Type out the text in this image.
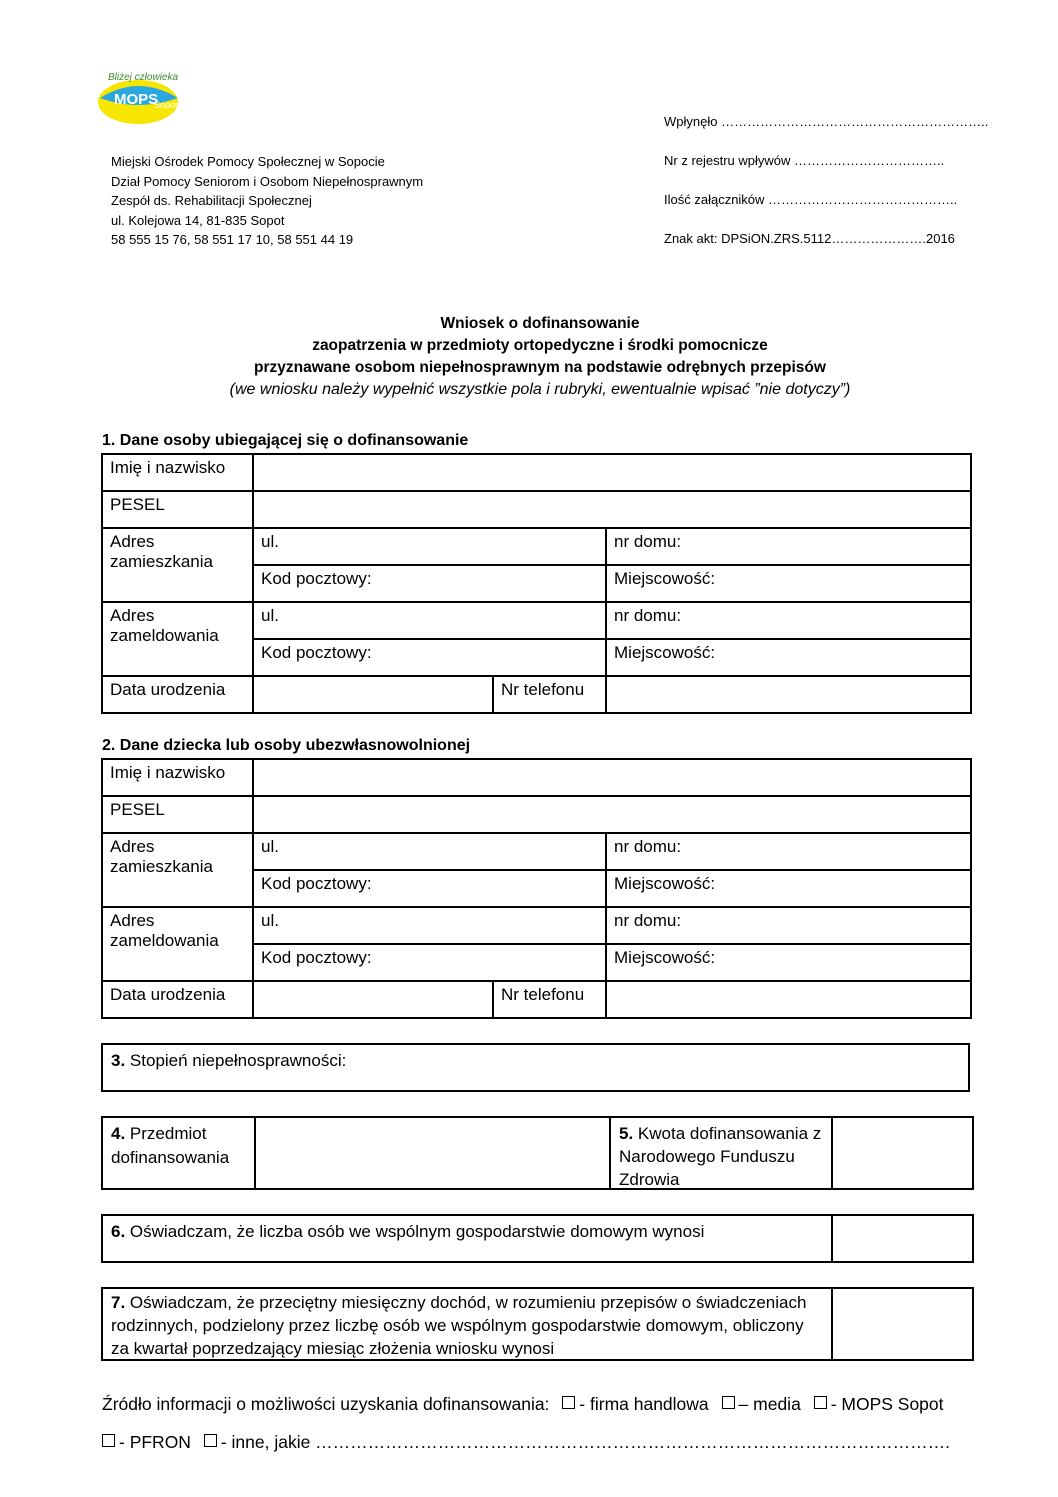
Bliżej człowieka
MOPS
Sopot
Miejski Ośrodek Pomocy Społecznej w Sopocie
Dział Pomocy Seniorom i Osobom Niepełnosprawnym
Zespół ds. Rehabilitacji Społecznej
ul. Kolejowa 14, 81-835 Sopot
58 555 15 76, 58 551 17 10, 58 551 44 19
Wpłynęło ……………………………………………………..
Nr z rejestru wpływów ……………………………..
Ilość załączników ……………………………………..
Znak akt: DPSiON.ZRS.5112………………….2016
Wniosek o dofinansowanie
zaopatrzenia w przedmioty ortopedyczne i środki pomocnicze
przyznawane osobom niepełnosprawnym na podstawie odrębnych przepisów
(we wniosku należy wypełnić wszystkie pola i rubryki, ewentualnie wpisać ”nie dotyczy”)
1. Dane osoby ubiegającej się o dofinansowanie
Imię i nazwisko			
PESEL			
Adres zamieszkania	ul.		nr domu:
	Kod pocztowy:		Miejscowość:
Adres zameldowania	ul.		nr domu:
	Kod pocztowy:		Miejscowość:
Data urodzenia		Nr telefonu	
2. Dane dziecka lub osoby ubezwłasnowolnionej
Imię i nazwisko			
PESEL			
Adres zamieszkania	ul.		nr domu:
	Kod pocztowy:		Miejscowość:
Adres zameldowania	ul.		nr domu:
	Kod pocztowy:		Miejscowość:
Data urodzenia		Nr telefonu	
3. Stopień niepełnosprawności:
4. Przedmiot dofinansowania
5. Kwota dofinansowania z Narodowego Funduszu Zdrowia
6. Oświadczam, że liczba osób we wspólnym gospodarstwie domowym wynosi
7. Oświadczam, że przeciętny miesięczny dochód, w rozumieniu przepisów o świadczeniach rodzinnych, podzielony przez liczbę osób we wspólnym gospodarstwie domowym, obliczony za kwartał poprzedzający miesiąc złożenia wniosku wynosi
Źródło informacji o możliwości uzyskania dofinansowania: - firma handlowa – media - MOPS Sopot
- PFRON - inne, jakie ……………………………………………………………………………………………….
